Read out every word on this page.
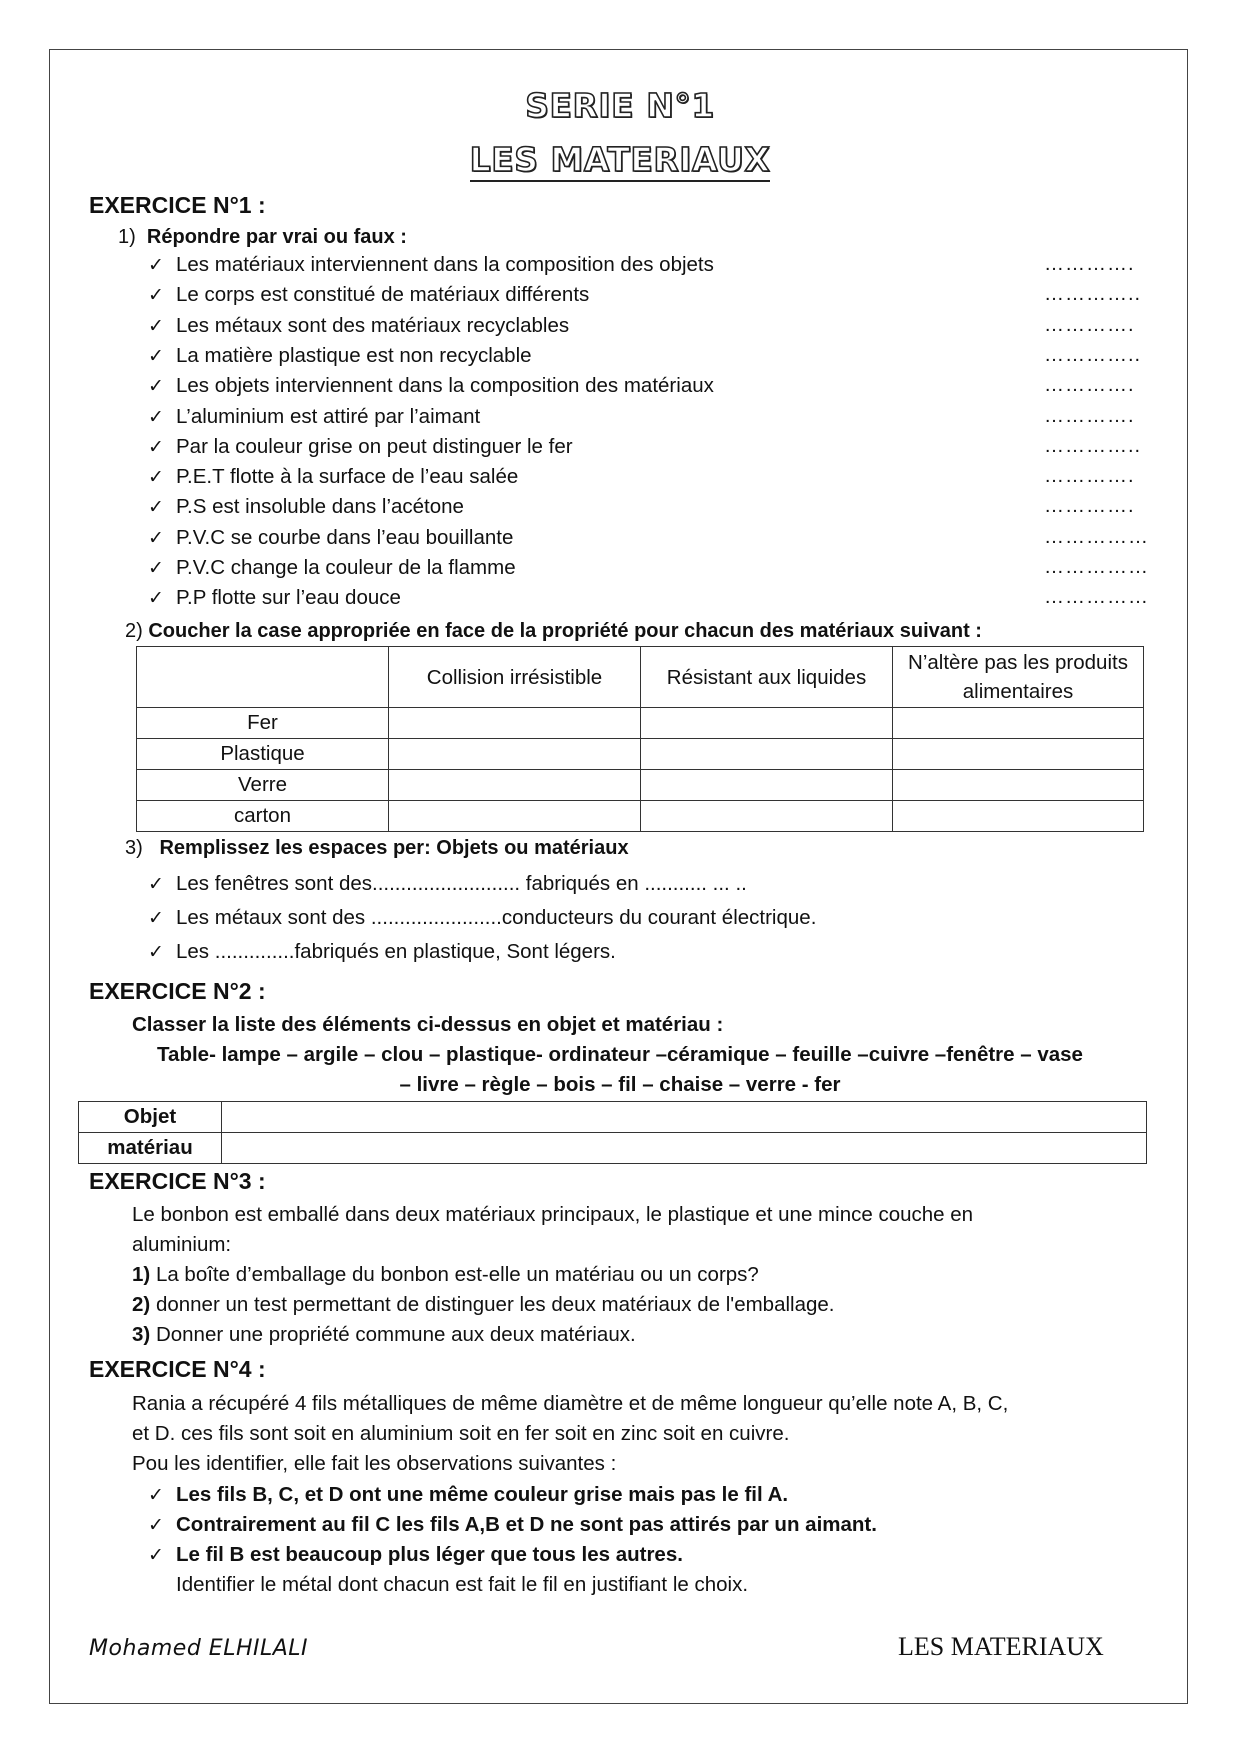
SERIE N°1
LES MATERIAUX
EXERCICE N°1 :
1) Répondre par vrai ou faux :
✓ Les matériaux interviennent dans la composition des objets	………….
✓ Le corps est constitué de matériaux différents	…………..
✓ Les métaux sont des matériaux recyclables	………….
✓ La matière plastique est non recyclable	…………..
✓ Les objets interviennent dans la composition des matériaux	………….
✓ L’aluminium est attiré par l’aimant	………….
✓ Par la couleur grise on peut distinguer le fer	…………..
✓ P.E.T flotte à la surface de l’eau salée	………….
✓ P.S est insoluble dans l’acétone	………….
✓ P.V.C se courbe dans l’eau bouillante	……………
✓ P.V.C change la couleur de la flamme	……………
✓ P.P flotte sur l’eau douce	……………
2) Coucher la case appropriée en face de la propriété pour chacun des matériaux suivant :
	Collision irrésistible	Résistant aux liquides	N’altère pas les produits alimentaires
Fer			
Plastique			
Verre			
carton			
3) Remplissez les espaces per: Objets ou matériaux
✓ Les fenêtres sont des.......................... fabriqués en ........... ... ..
✓ Les métaux sont des .......................conducteurs du courant électrique.
✓ Les ..............fabriqués en plastique, Sont légers.
EXERCICE N°2 :
Classer la liste des éléments ci-dessus en objet et matériau :
Table- lampe – argile – clou – plastique- ordinateur –céramique – feuille –cuivre –fenêtre – vase
– livre – règle – bois – fil – chaise – verre - fer
Objet	
matériau	
EXERCICE N°3 :
Le bonbon est emballé dans deux matériaux principaux, le plastique et une mince couche en
aluminium:
1) La boîte d’emballage du bonbon est-elle un matériau ou un corps?
2) donner un test permettant de distinguer les deux matériaux de l'emballage.
3) Donner une propriété commune aux deux matériaux.
EXERCICE N°4 :
Rania a récupéré 4 fils métalliques de même diamètre et de même longueur qu’elle note A, B, C,
et D. ces fils sont soit en aluminium soit en fer soit en zinc soit en cuivre.
Pou les identifier, elle fait les observations suivantes :
✓ Les fils B, C, et D ont une même couleur grise mais pas le fil A.
✓ Contrairement au fil C les fils A,B et D ne sont pas attirés par un aimant.
✓ Le fil B est beaucoup plus léger que tous les autres.
Identifier le métal dont chacun est fait le fil en justifiant le choix.
Mohamed ELHILALI	LES MATERIAUX
